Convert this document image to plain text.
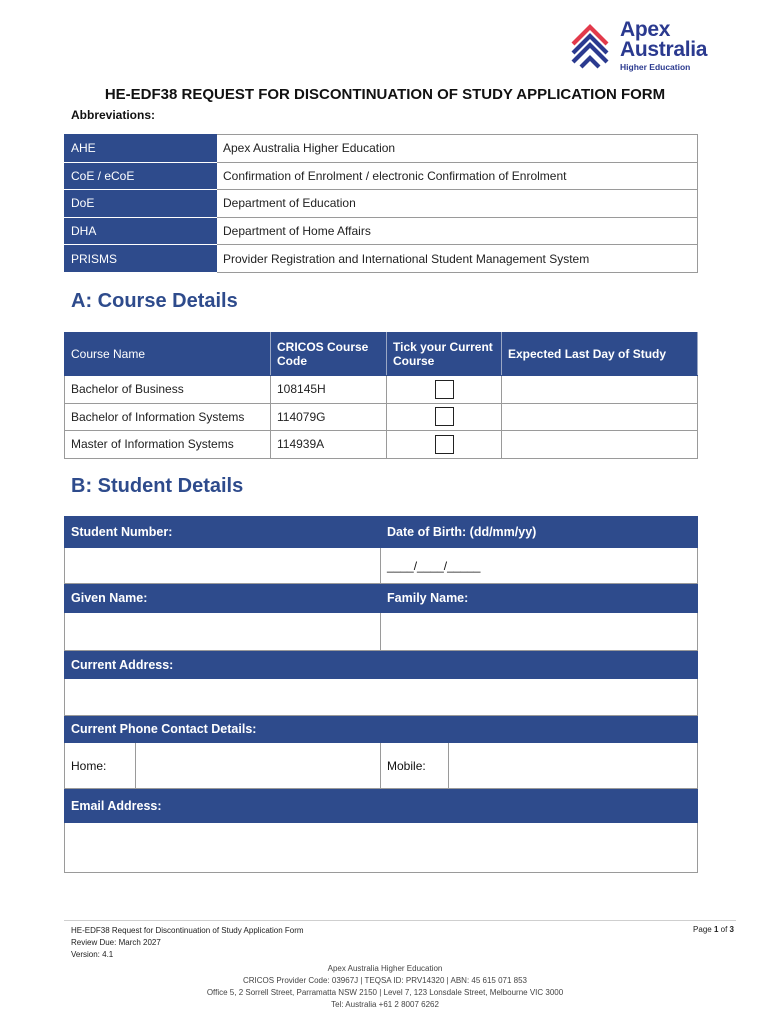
Apex
Australia
Higher Education
HE-EDF38 REQUEST FOR DISCONTINUATION OF STUDY APPLICATION FORM
Abbreviations:
AHE	Apex Australia Higher Education
CoE / eCoE	Confirmation of Enrolment / electronic Confirmation of Enrolment
DoE	Department of Education
DHA	Department of Home Affairs
PRISMS	Provider Registration and International Student Management System
A: Course Details
Course Name	CRICOS Course Code	Tick your Current Course	Expected Last Day of Study
Bachelor of Business	108145H		
Bachelor of Information Systems	114079G		
Master of Information Systems	114939A		
B: Student Details
Student Number:		Date of Birth: (dd/mm/yy)	
		____/____/_____	
Given Name:		Family Name:	

Current Address:			

Current Phone Contact Details:			
Home:		Mobile:	
Email Address:			

HE-EDF38 Request for Discontinuation of Study Application Form
Review Due: March 2027
Version: 4.1
Page 1 of 3
Apex Australia Higher Education
CRICOS Provider Code: 03967J | TEQSA ID: PRV14320 | ABN: 45 615 071 853
Office 5, 2 Sorrell Street, Parramatta NSW 2150 | Level 7, 123 Lonsdale Street, Melbourne VIC 3000
Tel: Australia +61 2 8007 6262
